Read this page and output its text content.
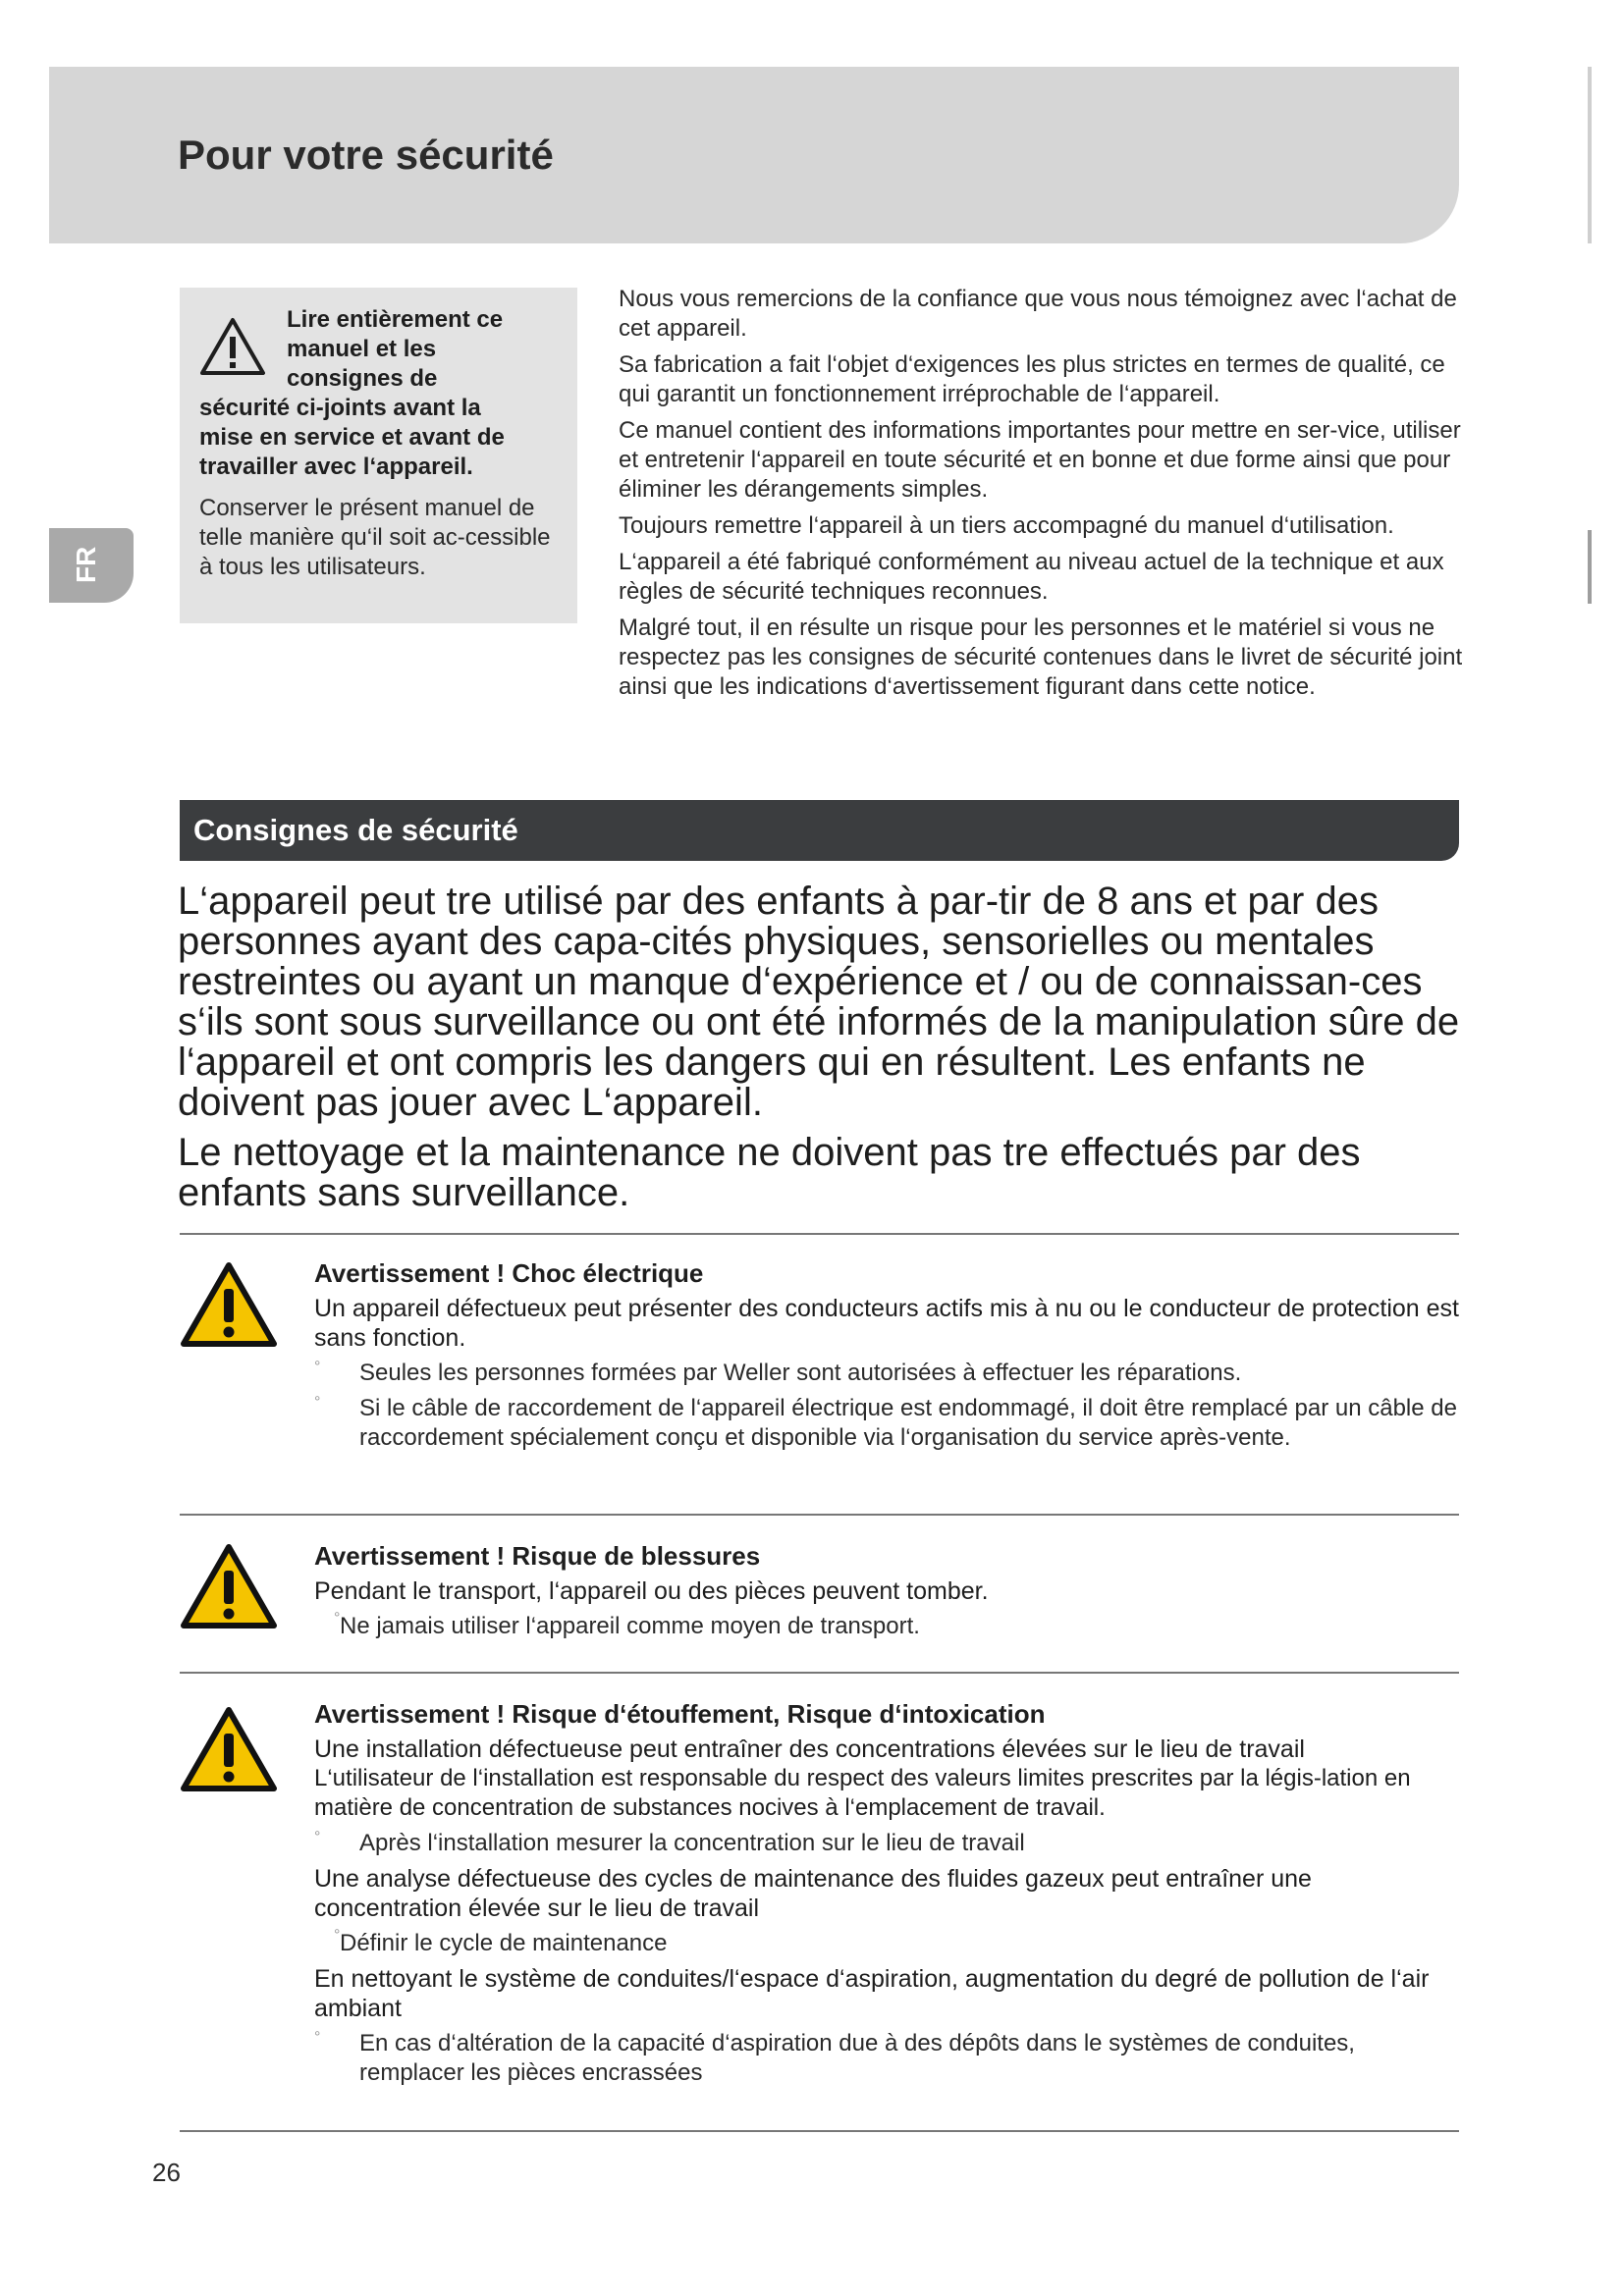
Pour votre sécurité
FR

Lire entièrement ce
manuel et les
consignes de
sécurité ci-joints avant la
mise en service et avant de
travailler avec l‘appareil.

Conserver le présent manuel de telle manière qu‘il soit ac-cessible à tous les utilisateurs.

Nous vous remercions de la confiance que vous nous témoignez avec l‘achat de cet appareil.

Sa fabrication a fait l‘objet d‘exigences les plus strictes en termes de qualité, ce qui garantit un fonctionnement irréprochable de l‘appareil.

Ce manuel contient des informations importantes pour mettre en ser-vice, utiliser et entretenir l‘appareil en toute sécurité et en bonne et due forme ainsi que pour éliminer les dérangements simples.

Toujours remettre l‘appareil à un tiers accompagné du manuel d‘utilisation.

L‘appareil a été fabriqué conformément au niveau actuel de la technique et aux règles de sécurité techniques reconnues.

Malgré tout, il en résulte un risque pour les personnes et le matériel si vous ne respectez pas les consignes de sécurité contenues dans le livret de sécurité joint ainsi que les indications d‘avertissement figurant dans cette notice.

Consignes de sécurité

L‘appareil peut tre utilisé par des enfants à par-tir de 8 ans et par des personnes ayant des capa-cités physiques, sensorielles ou mentales restreintes ou ayant un manque d‘expérience et / ou de connaissan-ces s‘ils sont sous surveillance ou ont été informés de la manipulation sûre de l‘appareil et ont compris les dangers qui en résultent. Les enfants ne doivent pas jouer avec L‘appareil.

Le nettoyage et la maintenance ne doivent pas tre effectués par des enfants sans surveillance.

Avertissement ! Choc électrique

Un appareil défectueux peut présenter des conducteurs actifs mis à nu ou le conducteur de protection est sans fonction.

° Seules les personnes formées par Weller sont autorisées à effectuer les réparations.
° Si le câble de raccordement de l‘appareil électrique est endommagé, il doit être remplacé par un câble de raccordement spécialement conçu et disponible via l‘organisation du service après-vente.

Avertissement ! Risque de blessures

Pendant le transport, l‘appareil ou des pièces peuvent tomber.

° Ne jamais utiliser l‘appareil comme moyen de transport.

Avertissement ! Risque d‘étouffement, Risque d‘intoxication

Une installation défectueuse peut entraîner des concentrations élevées sur le lieu de travail

L‘utilisateur de l‘installation est responsable du respect des valeurs limites prescrites par la légis-lation en matière de concentration de substances nocives à l‘emplacement de travail.

° Après l‘installation mesurer la concentration sur le lieu de travail

Une analyse défectueuse des cycles de maintenance des fluides gazeux peut entraîner une concentration élevée sur le lieu de travail

° Définir le cycle de maintenance

En nettoyant le système de conduites/l‘espace d‘aspiration, augmentation du degré de pollution de l‘air ambiant

° En cas d‘altération de la capacité d‘aspiration due à des dépôts dans le systèmes de conduites, remplacer les pièces encrassées
26
